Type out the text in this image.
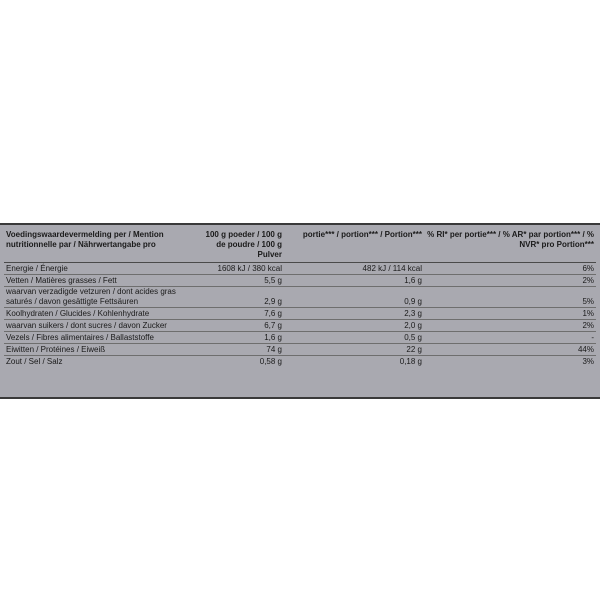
Voedingswaardevermelding per / Mention nutritionnelle par / Nährwertangabe pro	100 g poeder / 100 g de poudre / 100 g Pulver	portie*** / portion*** / Portion***	% RI* per portie*** / % AR* par portion*** / % NVR* pro Portion***
Energie / Énergie	1608 kJ / 380 kcal	482 kJ / 114 kcal	6%
Vetten / Matières grasses / Fett	5,5 g	1,6 g	2%
waarvan verzadigde vetzuren / dont acides gras saturés / davon gesättigte Fettsäuren	2,9 g	0,9 g	5%
Koolhydraten / Glucides / Kohlenhydrate	7,6 g	2,3 g	1%
waarvan suikers / dont sucres / davon Zucker	6,7 g	2,0 g	2%
Vezels / Fibres alimentaires / Ballaststoffe	1,6 g	0,5 g	-
Eiwitten / Protéines / Eiweiß	74 g	22 g	44%
Zout / Sel / Salz	0,58 g	0,18 g	3%
